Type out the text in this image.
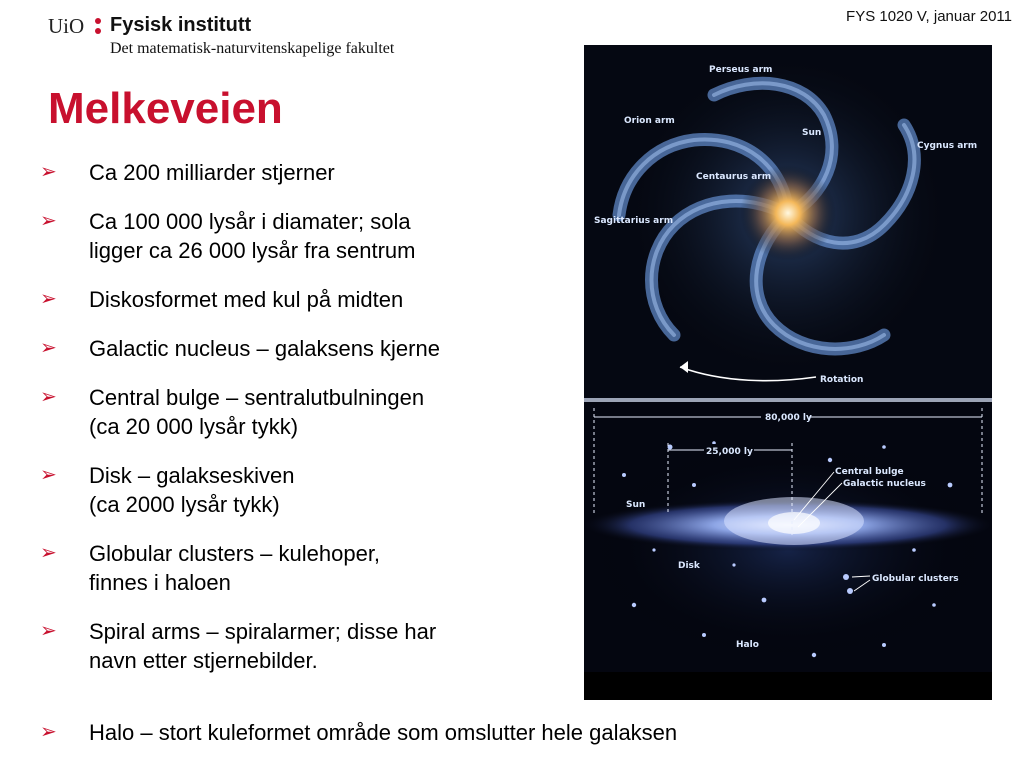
UiO Fysisk institutt
Det matematisk-naturvitenskapelige fakultet
FYS 1020 V, januar 2011
Melkeveien
➢ Ca 200 milliarder stjerner
➢ Ca 100 000 lysår i diamater; sola
ligger ca 26 000 lysår fra sentrum
➢ Diskosformet med kul på midten
➢ Galactic nucleus – galaksens kjerne
➢ Central bulge – sentralutbulningen
(ca 20 000 lysår tykk)
➢ Disk – galakseskiven
(ca 2000 lysår tykk)
➢ Globular clusters – kulehoper,
finnes i haloen
➢ Spiral arms – spiralarmer; disse har
navn etter stjernebilder.
➢ Halo – stort kuleformet område som omslutter hele galaksen
Perseus arm
Orion arm
Sun
Cygnus arm
Centaurus arm
Sagittarius arm
Rotation
80,000 ly
25,000 ly
Central bulge
Galactic nucleus
Sun
Disk
Globular clusters
Halo
